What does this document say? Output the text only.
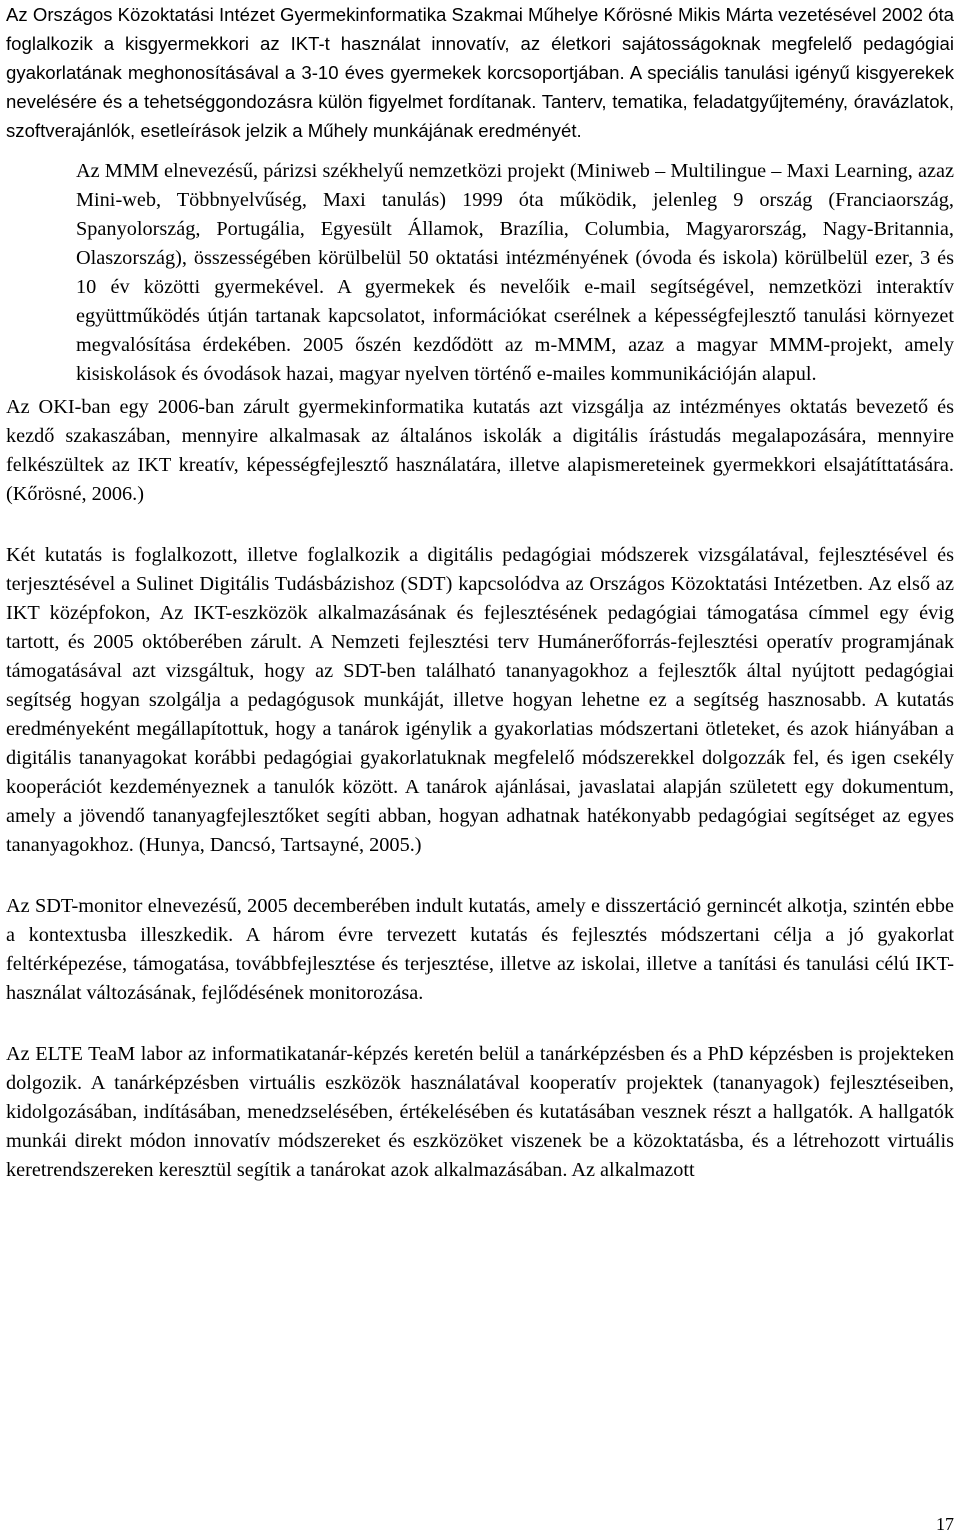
Az Országos Közoktatási Intézet Gyermekinformatika Szakmai Műhelye Kőrösné Mikis Márta vezetésével 2002 óta foglalkozik a kisgyermekkori az IKT-t használat innovatív, az életkori sajátosságoknak megfelelő pedagógiai gyakorlatának meghonosításával a 3-10 éves gyermekek korcsoportjában. A speciális tanulási igényű kisgyerekek nevelésére és a tehetséggondozásra külön figyelmet fordítanak. Tanterv, tematika, feladatgyűjtemény, óravázlatok, szoftverajánlók, esetleírások jelzik a Műhely munkájának eredményét.

Az MMM elnevezésű, párizsi székhelyű nemzetközi projekt (Miniweb – Multilingue – Maxi Learning, azaz Mini-web, Többnyelvűség, Maxi tanulás) 1999 óta működik, jelenleg 9 ország (Franciaország, Spanyolország, Portugália, Egyesült Államok, Brazília, Columbia, Magyarország, Nagy-Britannia, Olaszország), összességében körülbelül 50 oktatási intézményének (óvoda és iskola) körülbelül ezer, 3 és 10 év közötti gyermekével. A gyermekek és nevelőik e-mail segítségével, nemzetközi interaktív együttműködés útján tartanak kapcsolatot, információkat cserélnek a képességfejlesztő tanulási környezet megvalósítása érdekében. 2005 őszén kezdődött az m-MMM, azaz a magyar MMM-projekt, amely kisiskolások és óvodások hazai, magyar nyelven történő e-mailes kommunikációján alapul.

Az OKI-ban egy 2006-ban zárult gyermekinformatika kutatás azt vizsgálja az intézményes oktatás bevezető és kezdő szakaszában, mennyire alkalmasak az általános iskolák a digitális írástudás megalapozására, mennyire felkészültek az IKT kreatív, képességfejlesztő használatára, illetve alapismereteinek gyermekkori elsajátíttatására. (Kőrösné, 2006.)

Két kutatás is foglalkozott, illetve foglalkozik a digitális pedagógiai módszerek vizsgálatával, fejlesztésével és terjesztésével a Sulinet Digitális Tudásbázishoz (SDT) kapcsolódva az Országos Közoktatási Intézetben. Az első az IKT középfokon, Az IKT-eszközök alkalmazásának és fejlesztésének pedagógiai támogatása címmel egy évig tartott, és 2005 októberében zárult. A Nemzeti fejlesztési terv Humánerőforrás-fejlesztési operatív programjának támogatásával azt vizsgáltuk, hogy az SDT-ben található tananyagokhoz a fejlesztők által nyújtott pedagógiai segítség hogyan szolgálja a pedagógusok munkáját, illetve hogyan lehetne ez a segítség hasznosabb. A kutatás eredményeként megállapítottuk, hogy a tanárok igénylik a gyakorlatias módszertani ötleteket, és azok hiányában a digitális tananyagokat korábbi pedagógiai gyakorlatuknak megfelelő módszerekkel dolgozzák fel, és igen csekély kooperációt kezdeményeznek a tanulók között. A tanárok ajánlásai, javaslatai alapján született egy dokumentum, amely a jövendő tananyagfejlesztőket segíti abban, hogyan adhatnak hatékonyabb pedagógiai segítséget az egyes tananyagokhoz. (Hunya, Dancsó, Tartsayné, 2005.)

Az SDT-monitor elnevezésű, 2005 decemberében indult kutatás, amely e disszertáció gernincét alkotja, szintén ebbe a kontextusba illeszkedik. A három évre tervezett kutatás és fejlesztés módszertani célja a jó gyakorlat feltérképezése, támogatása, továbbfejlesztése és terjesztése, illetve az iskolai, illetve a tanítási és tanulási célú IKT-használat változásának, fejlődésének monitorozása.

Az ELTE TeaM labor az informatikatanár-képzés keretén belül a tanárképzésben és a PhD képzésben is projekteken dolgozik. A tanárképzésben virtuális eszközök használatával kooperatív projektek (tananyagok) fejlesztéseiben, kidolgozásában, indításában, menedzselésében, értékelésében és kutatásában vesznek részt a hallgatók. A hallgatók munkái direkt módon innovatív módszereket és eszközöket viszenek be a közoktatásba, és a létrehozott virtuális keretrendszereken keresztül segítik a tanárokat azok alkalmazásában. Az alkalmazott

17
